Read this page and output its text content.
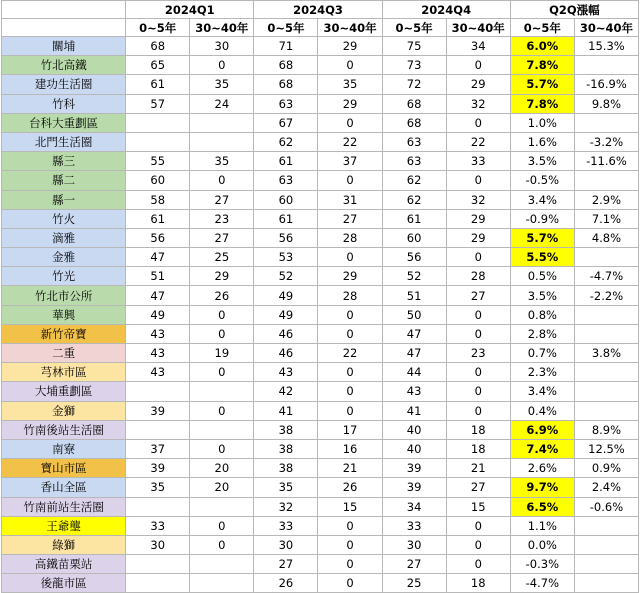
	2024Q1		2024Q3		2024Q4		Q2Q漲幅	
	0~5年	30~40年	0~5年	30~40年	0~5年	30~40年	0~5年	30~40年
關埔	68	30	71	29	75	34	6.0%	15.3%
竹北高鐵	65	0	68	0	73	0	7.8%	
建功生活圈	61	35	68	35	72	29	5.7%	-16.9%
竹科	57	24	63	29	68	32	7.8%	9.8%
台科大重劃區			67	0	68	0	1.0%	
北門生活圈			62	22	63	22	1.6%	-3.2%
縣三	55	35	61	37	63	33	3.5%	-11.6%
縣二	60	0	63	0	62	0	-0.5%	
縣一	58	27	60	31	62	32	3.4%	2.9%
竹火	61	23	61	27	61	29	-0.9%	7.1%
滴雅	56	27	56	28	60	29	5.7%	4.8%
金雅	47	25	53	0	56	0	5.5%	
竹光	51	29	52	29	52	28	0.5%	-4.7%
竹北市公所	47	26	49	28	51	27	3.5%	-2.2%
華興	49	0	49	0	50	0	0.8%	
新竹帝寶	43	0	46	0	47	0	2.8%	
二重	43	19	46	22	47	23	0.7%	3.8%
芎林市區	43	0	43	0	44	0	2.3%	
大埔重劃區			42	0	43	0	3.4%	
金獅	39	0	41	0	41	0	0.4%	
竹南後站生活圈			38	17	40	18	6.9%	8.9%
南寮	37	0	38	16	40	18	7.4%	12.5%
寶山市區	39	20	38	21	39	21	2.6%	0.9%
香山全區	35	20	35	26	39	27	9.7%	2.4%
竹南前站生活圈			32	15	34	15	6.5%	-0.6%
王爺壟	33	0	33	0	33	0	1.1%	
綠獅	30	0	30	0	30	0	0.0%	
高鐵苗栗站			27	0	27	0	-0.3%	
後龍市區			26	0	25	18	-4.7%	
